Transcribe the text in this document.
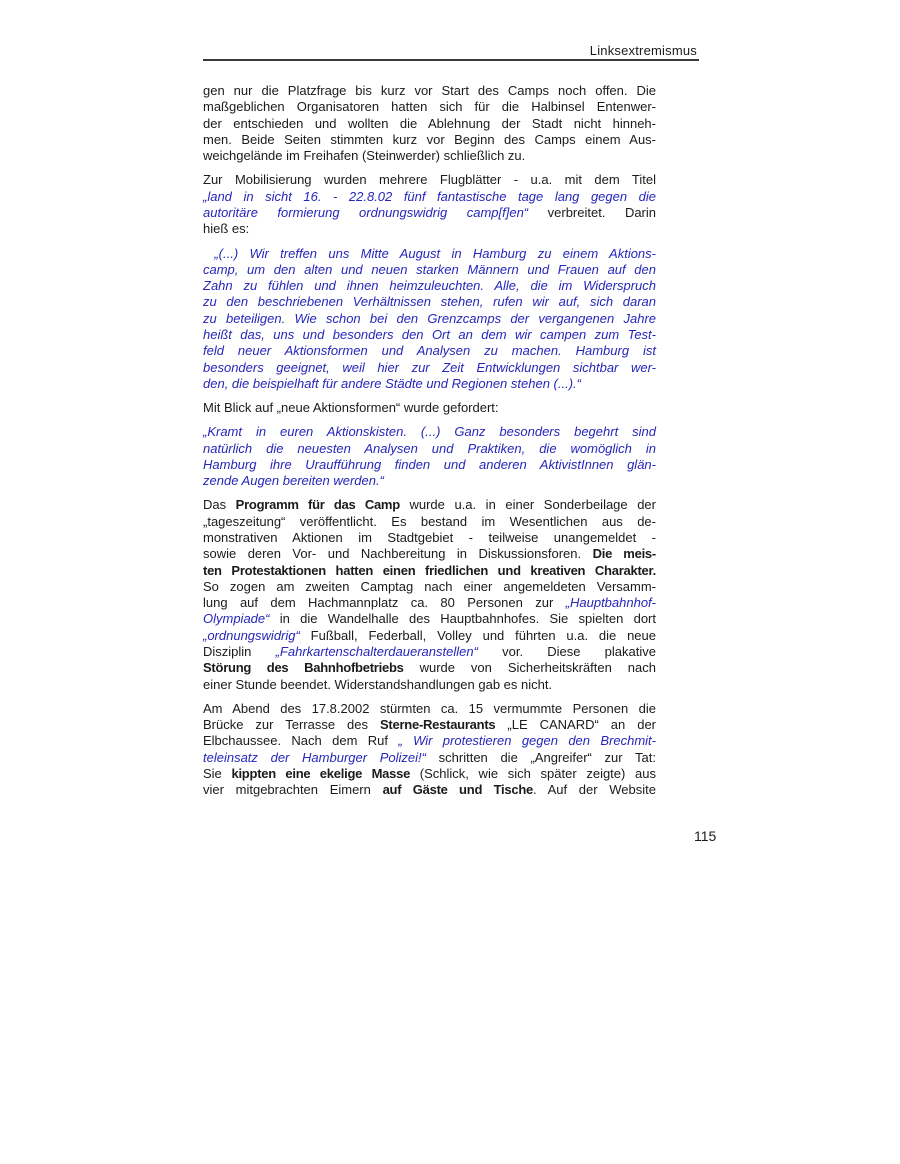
Linksextremismus
gen nur die Platzfrage bis kurz vor Start des Camps noch offen. Die
maßgeblichen Organisatoren hatten sich für die Halbinsel Entenwer-
der entschieden und wollten die Ablehnung der Stadt nicht hinneh-
men. Beide Seiten stimmten kurz vor Beginn des Camps einem Aus-
weichgelände im Freihafen (Steinwerder) schließlich zu.
Zur Mobilisierung wurden mehrere Flugblätter - u.a. mit dem Titel
„land in sicht 16. - 22.8.02 fünf fantastische tage lang gegen die
autoritäre formierung ordnungswidrig camp[f]en“ verbreitet. Darin
hieß es:
„(...) Wir treffen uns Mitte August in Hamburg zu einem Aktions-
camp, um den alten und neuen starken Männern und Frauen auf den
Zahn zu fühlen und ihnen heimzuleuchten. Alle, die im Widerspruch
zu den beschriebenen Verhältnissen stehen, rufen wir auf, sich daran
zu beteiligen. Wie schon bei den Grenzcamps der vergangenen Jahre
heißt das, uns und besonders den Ort an dem wir campen zum Test-
feld neuer Aktionsformen und Analysen zu machen. Hamburg ist
besonders geeignet, weil hier zur Zeit Entwicklungen sichtbar wer-
den, die beispielhaft für andere Städte und Regionen stehen (...).“
Mit Blick auf „neue Aktionsformen“ wurde gefordert:
„Kramt in euren Aktionskisten. (...) Ganz besonders begehrt sind
natürlich die neuesten Analysen und Praktiken, die womöglich in
Hamburg ihre Uraufführung finden und anderen AktivistInnen glän-
zende Augen bereiten werden.“
Das Programm für das Camp wurde u.a. in einer Sonderbeilage der
„tageszeitung“ veröffentlicht. Es bestand im Wesentlichen aus de-
monstrativen Aktionen im Stadtgebiet - teilweise unangemeldet -
sowie deren Vor- und Nachbereitung in Diskussionsforen. Die meis-
ten Protestaktionen hatten einen friedlichen und kreativen Charakter.
So zogen am zweiten Camptag nach einer angemeldeten Versamm-
lung auf dem Hachmannplatz ca. 80 Personen zur „Hauptbahnhof-
Olympiade“ in die Wandelhalle des Hauptbahnhofes. Sie spielten dort
„ordnungswidrig“ Fußball, Federball, Volley und führten u.a. die neue
Disziplin „Fahrkartenschalterdaueranstellen“ vor. Diese plakative
Störung des Bahnhofbetriebs wurde von Sicherheitskräften nach
einer Stunde beendet. Widerstandshandlungen gab es nicht.
Am Abend des 17.8.2002 stürmten ca. 15 vermummte Personen die
Brücke zur Terrasse des Sterne-Restaurants „LE CANARD“ an der
Elbchaussee. Nach dem Ruf „ Wir protestieren gegen den Brechmit-
teleinsatz der Hamburger Polizei!“ schritten die „Angreifer“ zur Tat:
Sie kippten eine ekelige Masse (Schlick, wie sich später zeigte) aus
vier mitgebrachten Eimern auf Gäste und Tische. Auf der Website
115
